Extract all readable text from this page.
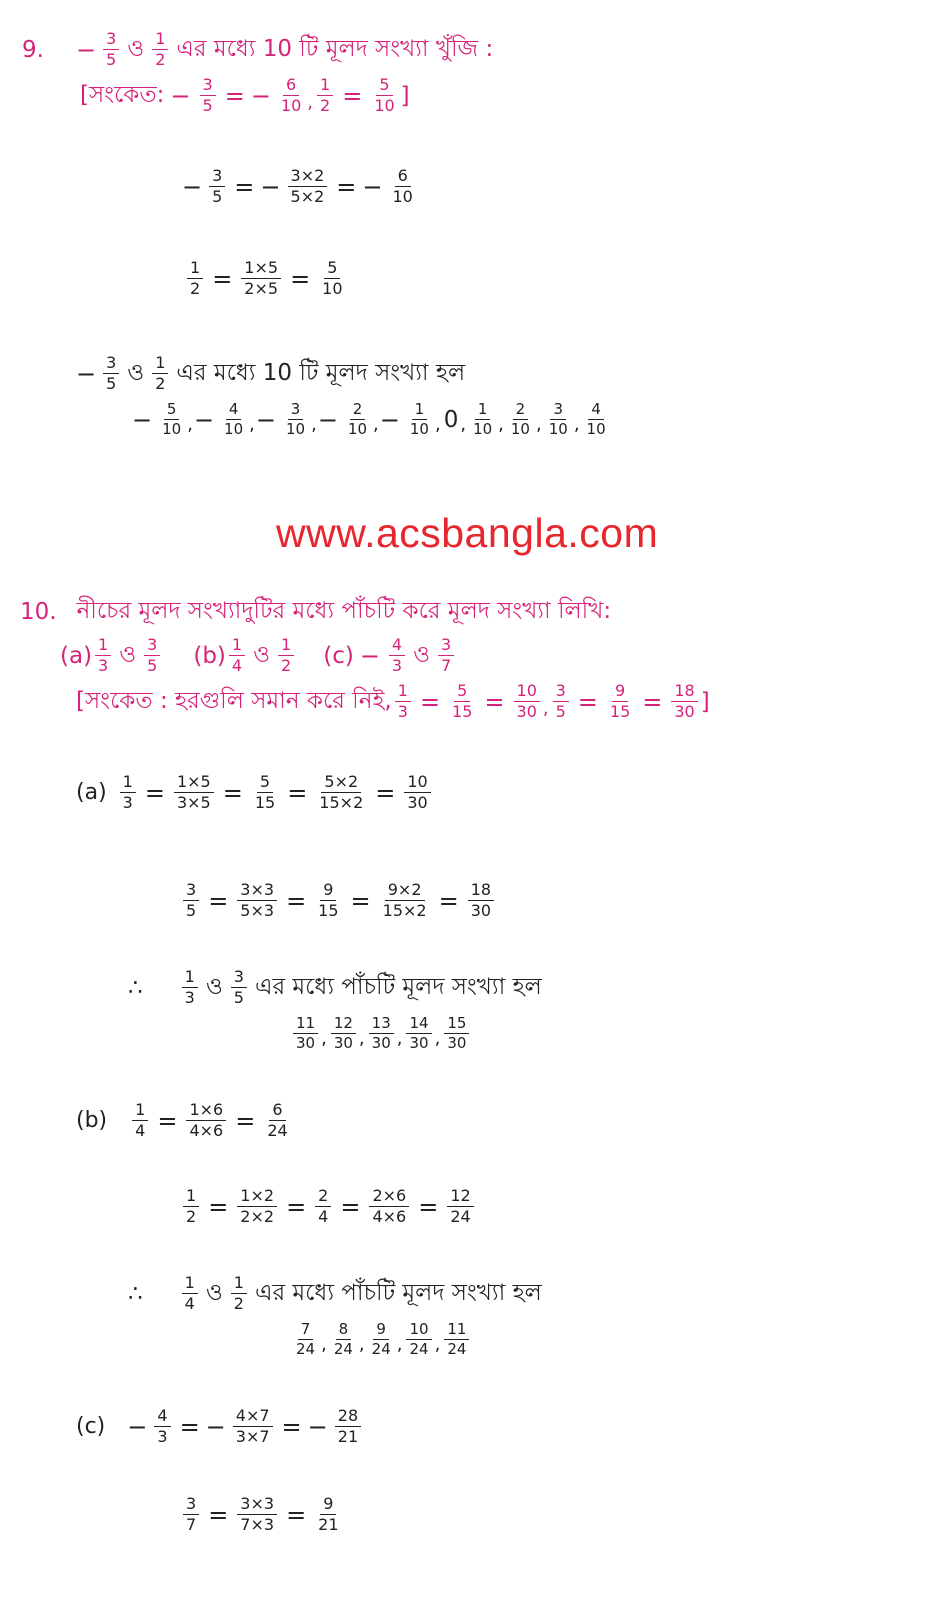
9. − $\frac{3}{5}$ ও $\frac{1}{2}$ এর মধ্যে 10 টি মূলদ সংখ্যা খুঁজি :
[সংকেত: − $\frac{3}{5}$ = − $\frac{6}{10}$ , $\frac{1}{2} = \frac{5}{10}$ ]
− $\frac{3}{5}$ = − $\frac{3\times 2}{5\times 2}$ = − $\frac{6}{10}$
$\frac{1}{2} = \frac{1\times 5}{2\times 5} = \frac{5}{10}$
− $\frac{3}{5}$ ও $\frac{1}{2}$ এর মধ্যে 10 টি মূলদ সংখ্যা হল
− $\frac{5}{10}$ , − $\frac{4}{10}$ , − $\frac{3}{10}$ , − $\frac{2}{10}$ , − $\frac{1}{10}$ , 0 , $\frac{1}{10}$ , $\frac{2}{10}$ , $\frac{3}{10}$ , $\frac{4}{10}$
www.acsbangla.com
10. নীচের মূলদ সংখ্যাদুটির মধ্যে পাঁচটি করে মূলদ সংখ্যা লিখি:
$(a) \frac{1}{3}$ ও $\frac{3}{5} (b) \frac{1}{4}$ ও $\frac{1}{2} (c) - \frac{4}{3}$ ও $\frac{3}{7}$
[সংকেত : হরগুলি সমান করে নিই, $\frac{1}{3} = \frac{5}{15} = \frac{10}{30}$ , $\frac{3}{5} = \frac{9}{15} = \frac{18}{30}$ ]
$(a) \frac{1}{3} = \frac{1\times 5}{3\times 5} = \frac{5}{15} = \frac{5\times 2}{15\times 2} = \frac{10}{30}$
$\frac{3}{5} = \frac{3\times 3}{5\times 3} = \frac{9}{15} = \frac{9\times 2}{15\times 2} = \frac{18}{30}$
∴ $\frac{1}{3}$ ও $\frac{3}{5}$ এর মধ্যে পাঁচটি মূলদ সংখ্যা হল
$\frac{11}{30}$ , $\frac{12}{30}$ , $\frac{13}{30}$ , $\frac{14}{30}$ , $\frac{15}{30}$
$(b) \frac{1}{4} = \frac{1\times 6}{4\times 6} = \frac{6}{24}$
$\frac{1}{2} = \frac{1\times 2}{2\times 2} = \frac{2}{4} = \frac{2\times 6}{4\times 6} = \frac{12}{24}$
∴ $\frac{1}{4}$ ও $\frac{1}{2}$ এর মধ্যে পাঁচটি মূলদ সংখ্যা হল
$\frac{7}{24}$ , $\frac{8}{24}$ , $\frac{9}{24}$ , $\frac{10}{24}$ , $\frac{11}{24}$
$(c) - \frac{4}{3}$ = − $\frac{4\times 7}{3\times 7}$ = − $\frac{28}{21}$
$\frac{3}{7} = \frac{3\times 3}{7\times 3} = \frac{9}{21}$
